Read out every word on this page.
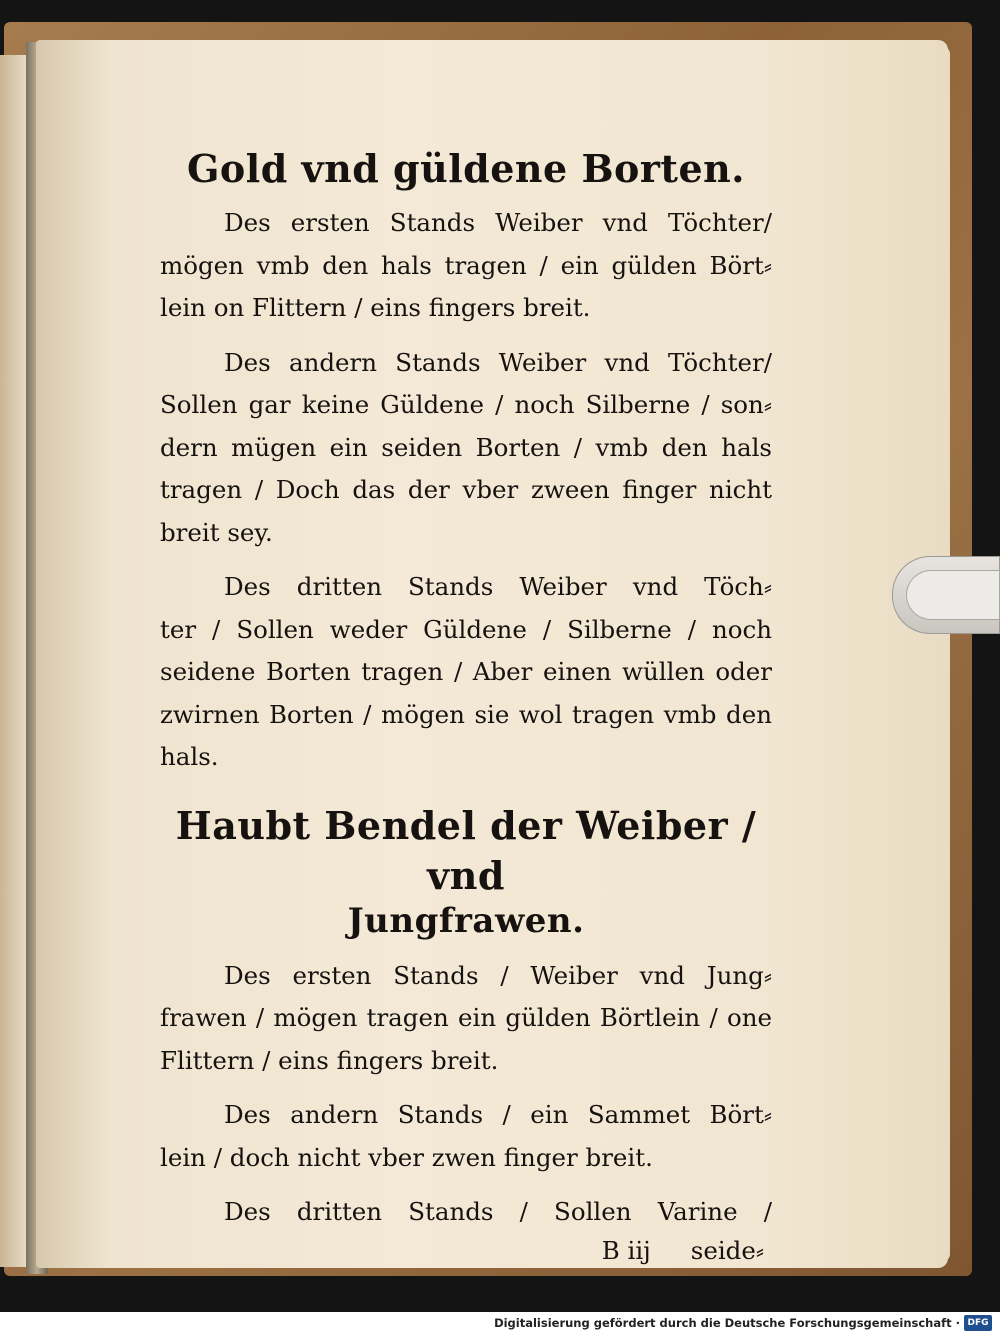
Gold vnd güldene Borten.
Des ersten Stands Weiber vnd Töchter/
mögen vmb den hals tragen / ein gülden Bört⸗
lein on Flittern / eins fingers breit.
Des andern Stands Weiber vnd Töchter/
Sollen gar keine Güldene / noch Silberne / son⸗
dern mügen ein seiden Borten / vmb den hals
tragen / Doch das der vber zween finger nicht
breit sey.
Des dritten Stands Weiber vnd Töch⸗
ter / Sollen weder Güldene / Silberne / noch
seidene Borten tragen / Aber einen wüllen oder
zwirnen Borten / mögen sie wol tragen vmb den
hals.
Haubt Bendel der Weiber / vnd
Jungfrawen.
Des ersten Stands / Weiber vnd Jung⸗
frawen / mögen tragen ein gülden Börtlein / one
Flittern / eins fingers breit.
Des andern Stands / ein Sammet Bört⸗
lein / doch nicht vber zwen finger breit.
Des dritten Stands / Sollen Varine /
B iij seide⸗
Digitalisierung gefördert durch die Deutsche Forschungsgemeinschaft · DFG
